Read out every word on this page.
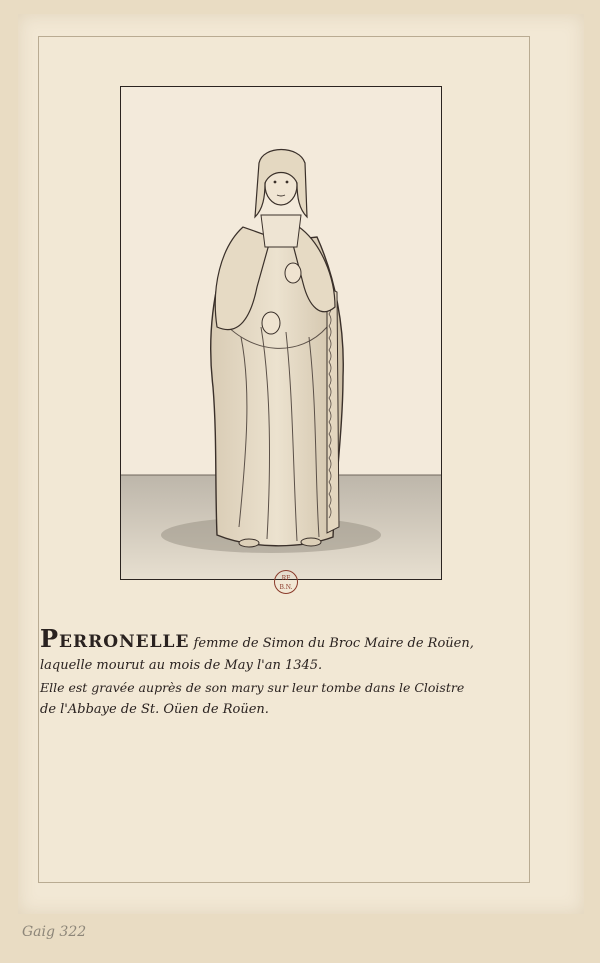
RF
B.N.
Perronelle femme de Simon du Broc Maire de Roüen,
laquelle mourut au mois de May l'an 1345.
Elle est gravée auprès de son mary sur leur tombe dans le Cloistre
de l'Abbaye de St. Oüen de Roüen.
Gaig 322
